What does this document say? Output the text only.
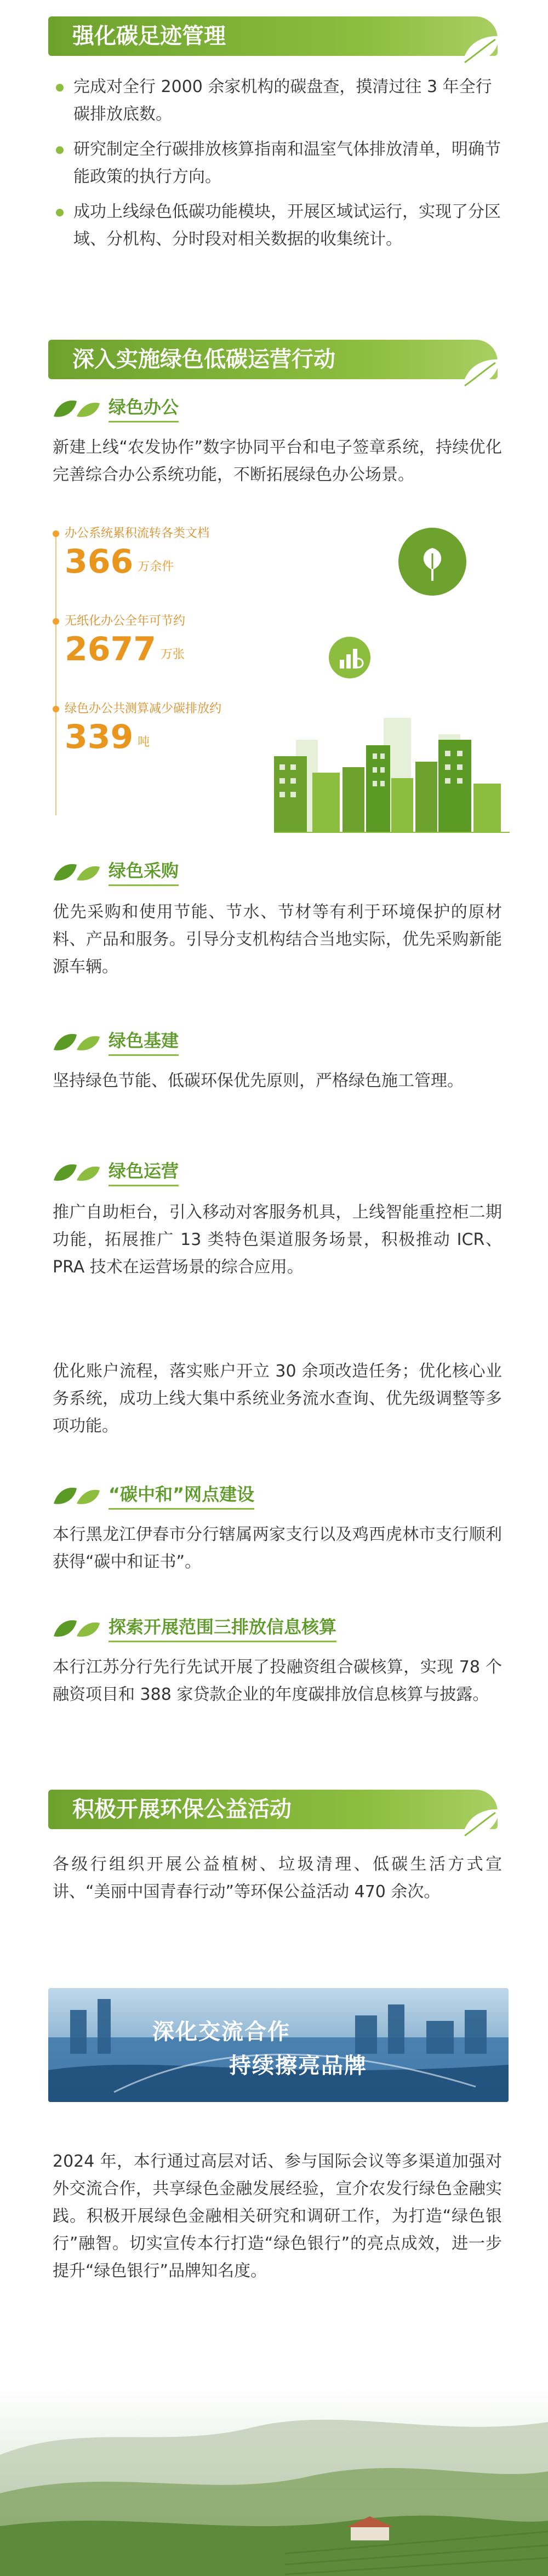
强化碳足迹管理
完成对全行 2000 余家机构的碳盘查，摸清过往 3 年全行碳排放底数。
研究制定全行碳排放核算指南和温室气体排放清单，明确节能政策的执行方向。
成功上线绿色低碳功能模块，开展区域试运行，实现了分区域、分机构、分时段对相关数据的收集统计。
深入实施绿色低碳运营行动
绿色办公

新建上线“农发协作”数字协同平台和电子签章系统，持续优化完善综合办公系统功能，不断拓展绿色办公场景。

办公系统累积流转各类文档
366 万余件
无纸化办公全年可节约
2677 万张
绿色办公共测算减少碳排放约
339 吨
绿色采购

优先采购和使用节能、节水、节材等有利于环境保护的原材料、产品和服务。引导分支机构结合当地实际，优先采购新能源车辆。

绿色基建

坚持绿色节能、低碳环保优先原则，严格绿色施工管理。

绿色运营

推广自助柜台，引入移动对客服务机具，上线智能重控柜二期功能，拓展推广 13 类特色渠道服务场景，积极推动 ICR、PRA 技术在运营场景的综合应用。

优化账户流程，落实账户开立 30 余项改造任务；优化核心业务系统，成功上线大集中系统业务流水查询、优先级调整等多项功能。

“碳中和”网点建设

本行黑龙江伊春市分行辖属两家支行以及鸡西虎林市支行顺利获得“碳中和证书”。

探索开展范围三排放信息核算

本行江苏分行先行先试开展了投融资组合碳核算，实现 78 个融资项目和 388 家贷款企业的年度碳排放信息核算与披露。

积极开展环保公益活动

各级行组织开展公益植树、垃圾清理、低碳生活方式宣讲、“美丽中国青春行动”等环保公益活动 470 余次。

深化交流合作
持续擦亮品牌

2024 年，本行通过高层对话、参与国际会议等多渠道加强对外交流合作，共享绿色金融发展经验，宣介农发行绿色金融实践。积极开展绿色金融相关研究和调研工作，为打造“绿色银行”融智。切实宣传本行打造“绿色银行”的亮点成效，进一步提升“绿色银行”品牌知名度。
